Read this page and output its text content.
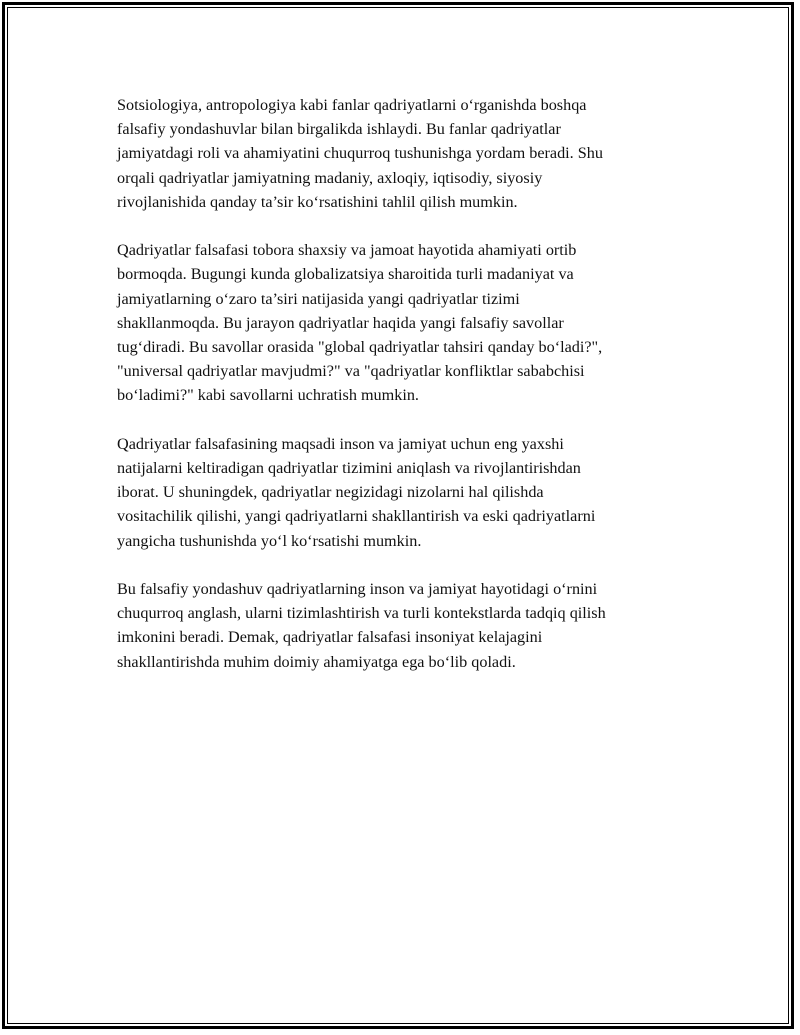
Sotsiologiya, antropologiya kabi fanlar qadriyatlarni o‘rganishda boshqa
falsafiy yondashuvlar bilan birgalikda ishlaydi. Bu fanlar qadriyatlar
jamiyatdagi roli va ahamiyatini chuqurroq tushunishga yordam beradi. Shu
orqali qadriyatlar jamiyatning madaniy, axloqiy, iqtisodiy, siyosiy
rivojlanishida qanday ta’sir ko‘rsatishini tahlil qilish mumkin.

Qadriyatlar falsafasi tobora shaxsiy va jamoat hayotida ahamiyati ortib
bormoqda. Bugungi kunda globalizatsiya sharoitida turli madaniyat va
jamiyatlarning o‘zaro ta’siri natijasida yangi qadriyatlar tizimi
shakllanmoqda. Bu jarayon qadriyatlar haqida yangi falsafiy savollar
tug‘diradi. Bu savollar orasida "global qadriyatlar tahsiri qanday bo‘ladi?",
"universal qadriyatlar mavjudmi?" va "qadriyatlar konfliktlar sababchisi
bo‘ladimi?" kabi savollarni uchratish mumkin.

Qadriyatlar falsafasining maqsadi inson va jamiyat uchun eng yaxshi
natijalarni keltiradigan qadriyatlar tizimini aniqlash va rivojlantirishdan
iborat. U shuningdek, qadriyatlar negizidagi nizolarni hal qilishda
vositachilik qilishi, yangi qadriyatlarni shakllantirish va eski qadriyatlarni
yangicha tushunishda yo‘l ko‘rsatishi mumkin.

Bu falsafiy yondashuv qadriyatlarning inson va jamiyat hayotidagi o‘rnini
chuqurroq anglash, ularni tizimlashtirish va turli kontekstlarda tadqiq qilish
imkonini beradi. Demak, qadriyatlar falsafasi insoniyat kelajagini
shakllantirishda muhim doimiy ahamiyatga ega bo‘lib qoladi.
